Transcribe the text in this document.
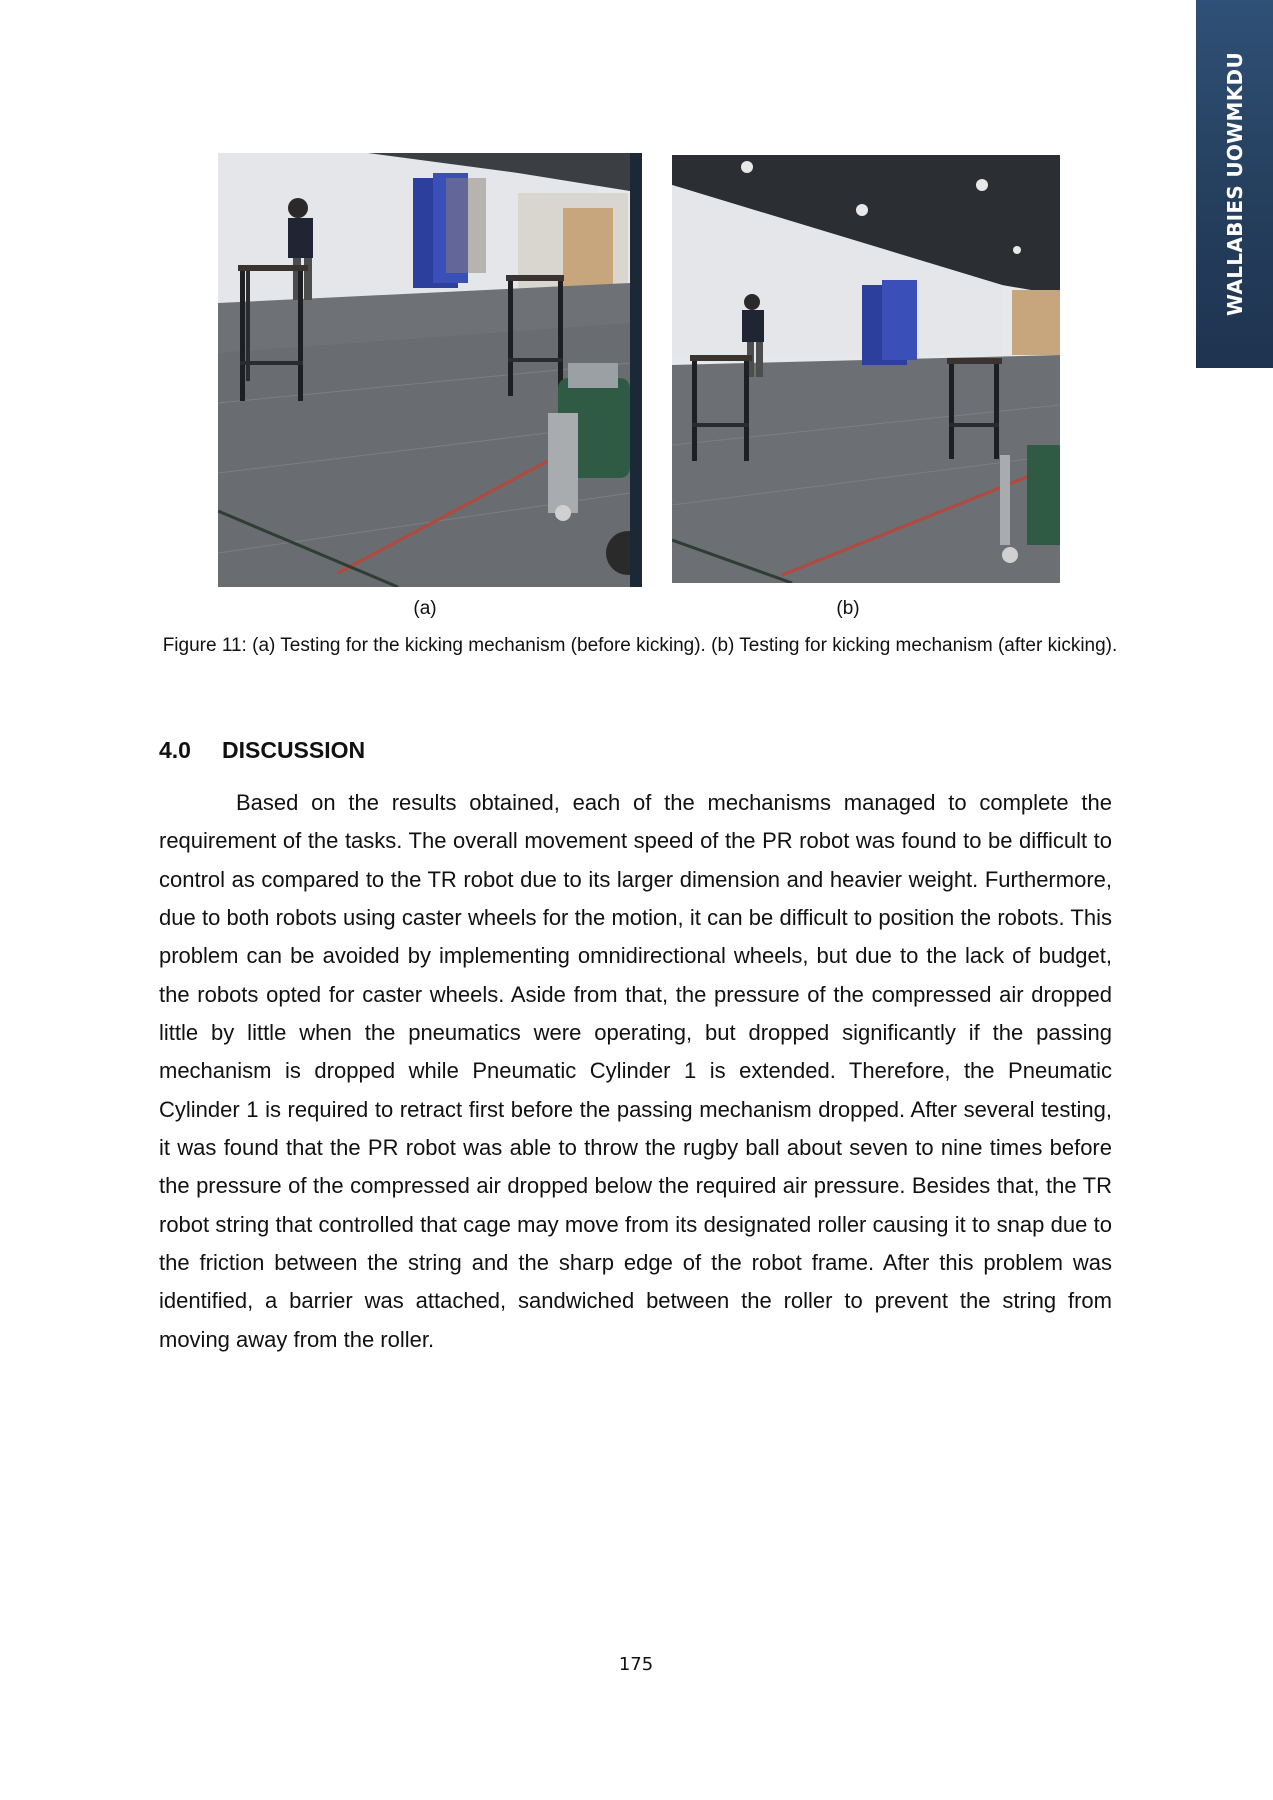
WALLABIES UOWMKDU
(a)	(b)
Figure 11: (a) Testing for the kicking mechanism (before kicking). (b) Testing for kicking mechanism (after kicking).
4.0 DISCUSSION

Based on the results obtained, each of the mechanisms managed to complete the requirement of the tasks. The overall movement speed of the PR robot was found to be difficult to control as compared to the TR robot due to its larger dimension and heavier weight. Furthermore, due to both robots using caster wheels for the motion, it can be difficult to position the robots. This problem can be avoided by implementing omnidirectional wheels, but due to the lack of budget, the robots opted for caster wheels. Aside from that, the pressure of the compressed air dropped little by little when the pneumatics were operating, but dropped significantly if the passing mechanism is dropped while Pneumatic Cylinder 1 is extended. Therefore, the Pneumatic Cylinder 1 is required to retract first before the passing mechanism dropped. After several testing, it was found that the PR robot was able to throw the rugby ball about seven to nine times before the pressure of the compressed air dropped below the required air pressure. Besides that, the TR robot string that controlled that cage may move from its designated roller causing it to snap due to the friction between the string and the sharp edge of the robot frame. After this problem was identified, a barrier was attached, sandwiched between the roller to prevent the string from moving away from the roller.

175
